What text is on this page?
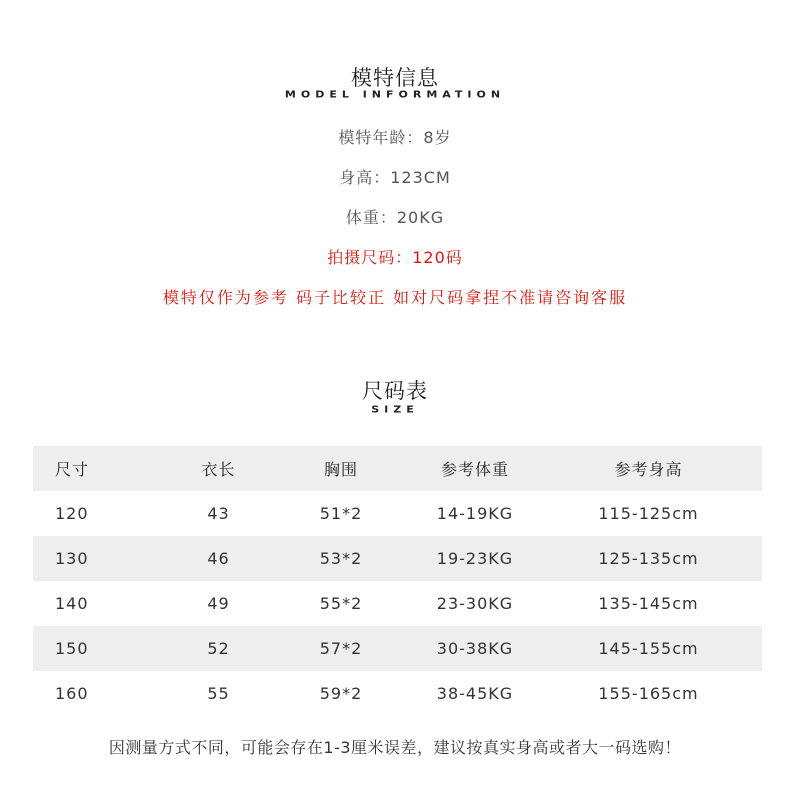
模特信息
MODEL INFORMATION
模特年龄：8岁
身高：123CM
体重：20KG
拍摄尺码：120码
模特仅作为参考 码子比较正 如对尺码拿捏不准请咨询客服
尺码表
SIZE
尺寸	衣长	胸围	参考体重	参考身高
120	43	51*2	14-19KG	115-125cm
130	46	53*2	19-23KG	125-135cm
140	49	55*2	23-30KG	135-145cm
150	52	57*2	30-38KG	145-155cm
160	55	59*2	38-45KG	155-165cm
因测量方式不同，可能会存在1-3厘米误差，建议按真实身高或者大一码选购！
